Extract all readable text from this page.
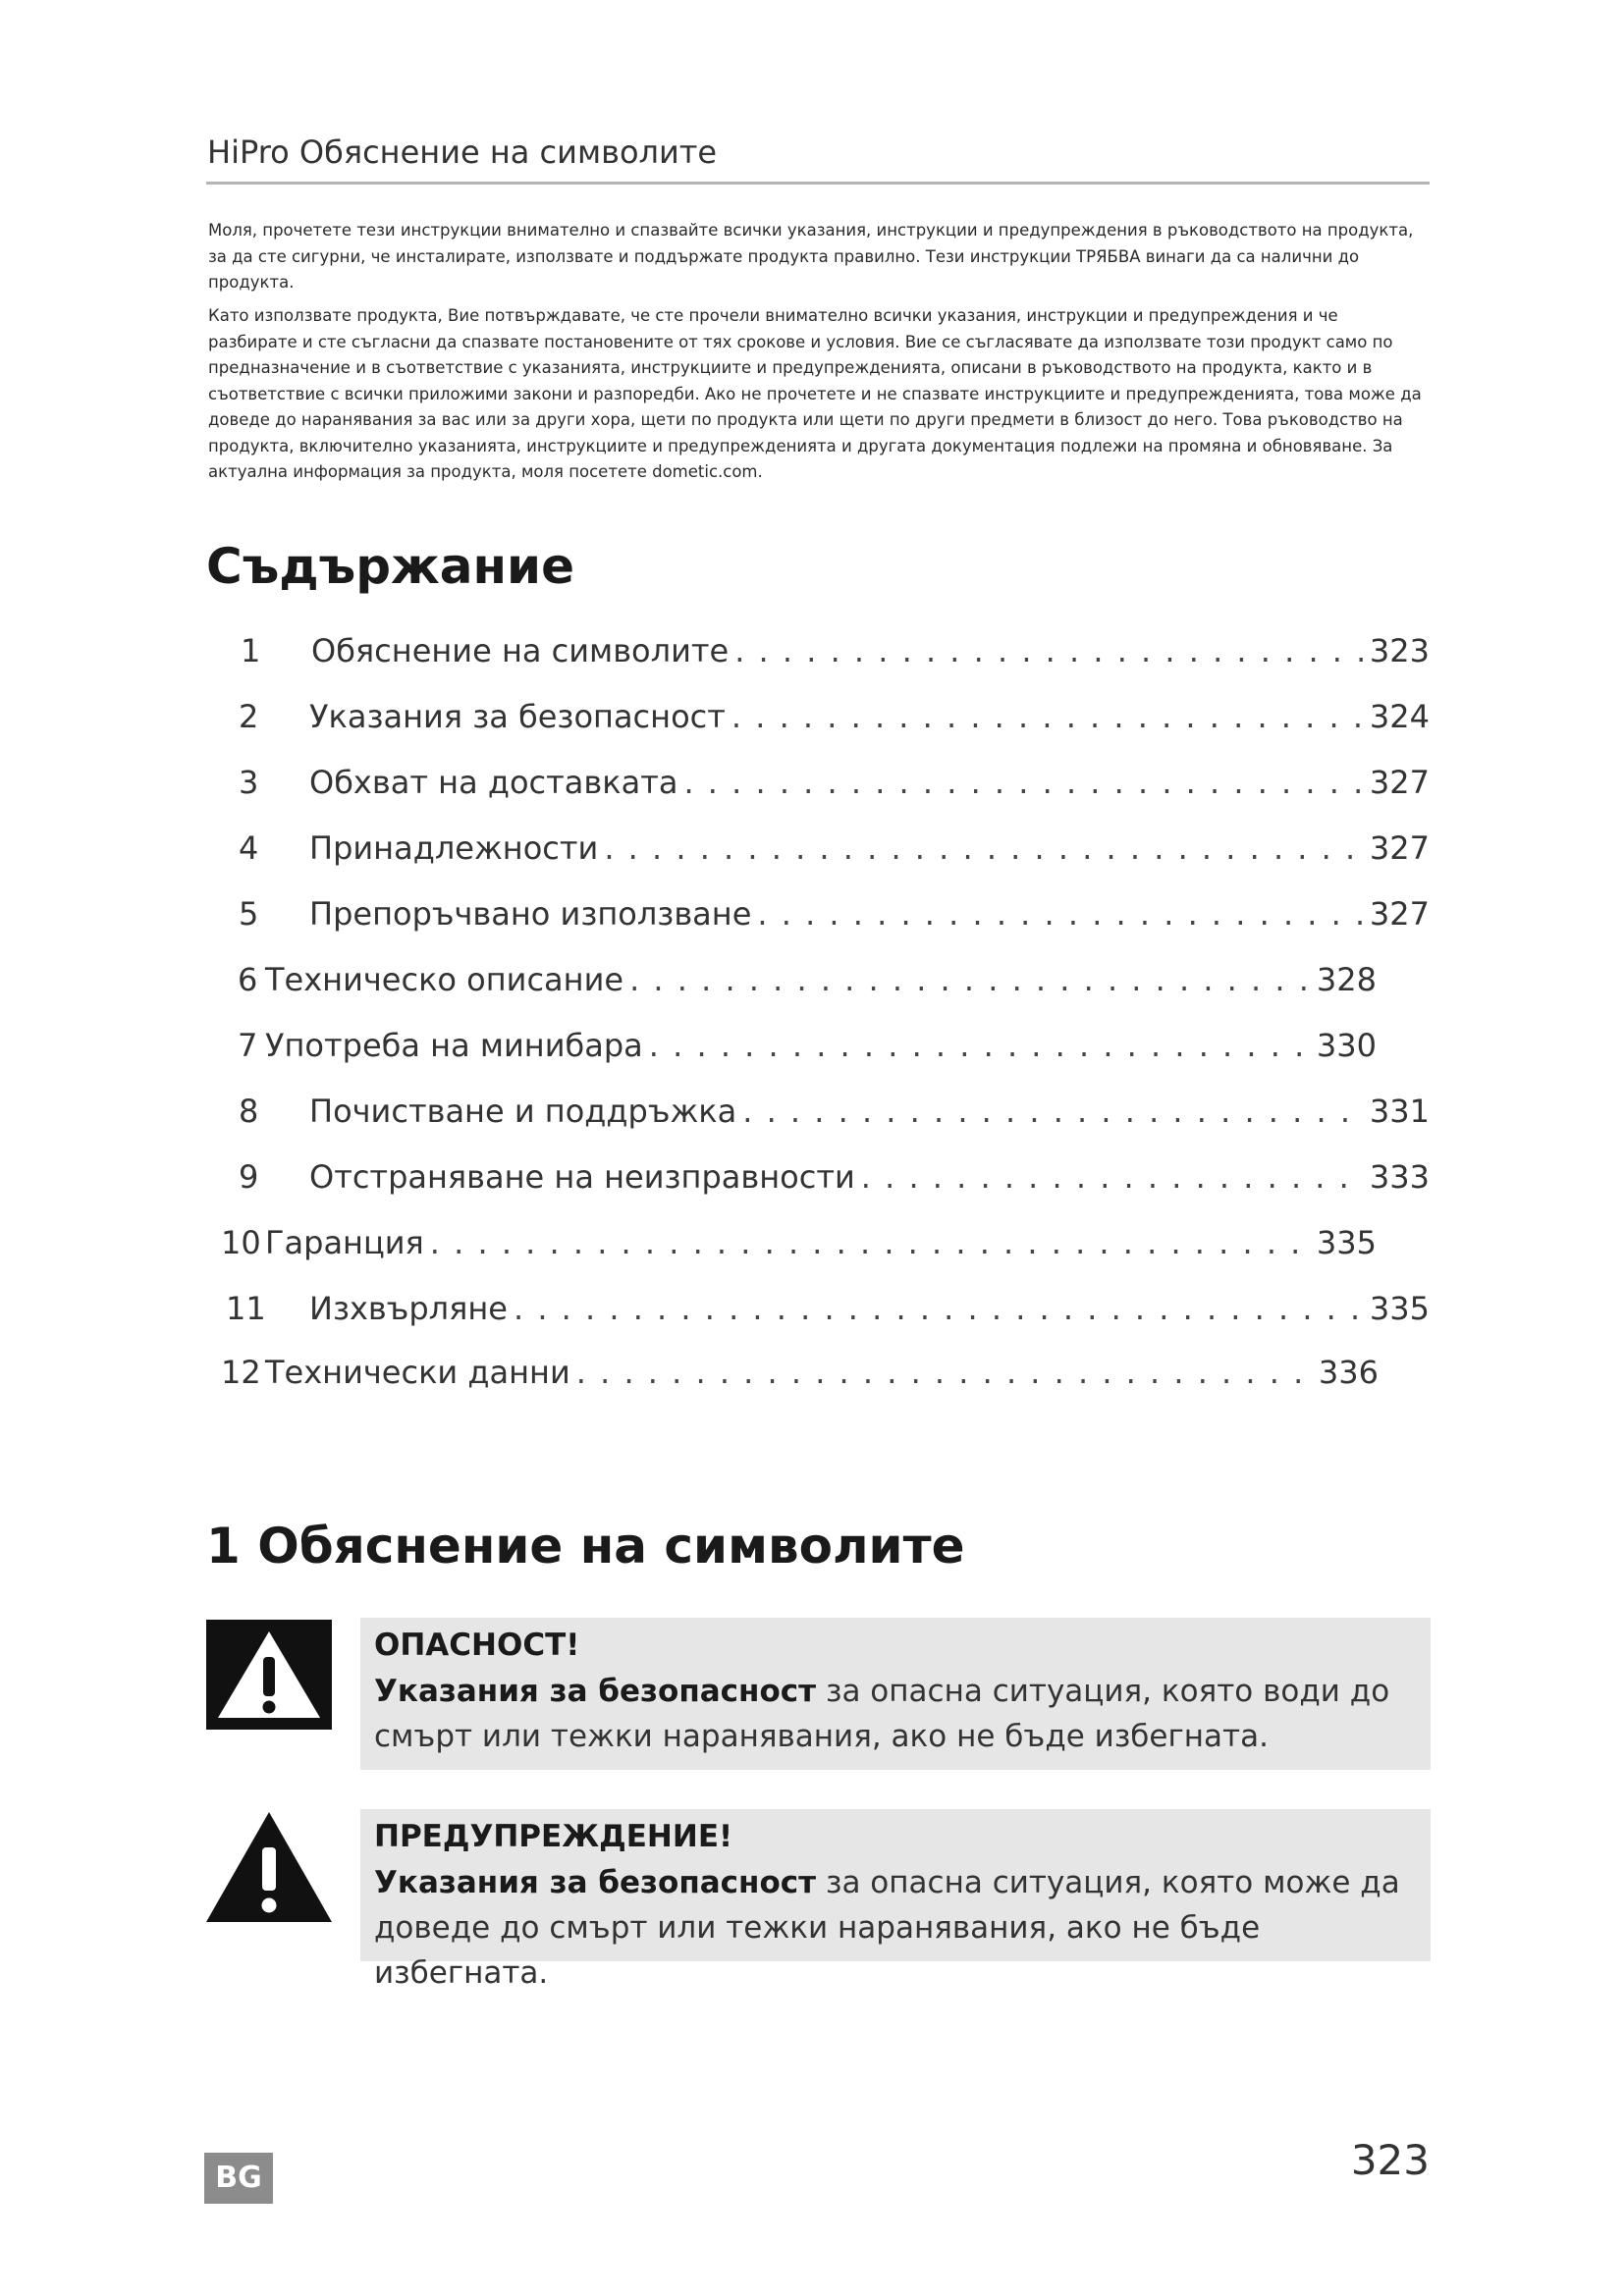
HiPro Обяснение на символите

Моля, прочетете тези инструкции внимателно и спазвайте всички указания, инструкции и предупреждения в ръководството на продукта, за да сте сигурни, че инсталирате, използвате и поддържате продукта правилно. Тези инструкции ТРЯБВА винаги да са налични до продукта.

Като използвате продукта, Вие потвърждавате, че сте прочели внимателно всички указания, инструкции и предупреждения и че разбирате и сте съгласни да спазвате постановените от тях срокове и условия. Вие се съгласявате да използвате този продукт само по предназначение и в съответствие с указанията, инструкциите и предупрежденията, описани в ръководството на продукта, както и в съответствие с всички приложими закони и разпоредби. Ако не прочетете и не спазвате инструкциите и предупрежденията, това може да доведе до наранявания за вас или за други хора, щети по продукта или щети по други предмети в близост до него. Това ръководство на продукта, включително указанията, инструкциите и предупрежденията и другата документация подлежи на промяна и обновяване. За актуална информация за продукта, моля посетете dometic.com.

Съдържание
1	Обяснение на символите . . .	323
2	Указания за безопасност . . .	324
3	Обхват на доставката . . .	327
4	Принадлежности . . .	327
5	Препоръчвано използване . . .	327
6 Техническо описание . . .	328
7 Употреба на минибара . . .	330
8	Почистване и поддръжка . . .	331
9	Отстраняване на неизправности . . .	333
10 Гаранция . . .	335
11	Изхвърляне . . .	335
12 Технически данни . . .	336
1 Обяснение на символите
ОПАСНОСТ!
Указания за безопасност за опасна ситуация, която води до смърт или тежки наранявания, ако не бъде избегната.
ПРЕДУПРЕЖДЕНИЕ!
Указания за безопасност за опасна ситуация, която може да доведе до смърт или тежки наранявания, ако не бъде избегната.
BG	323
